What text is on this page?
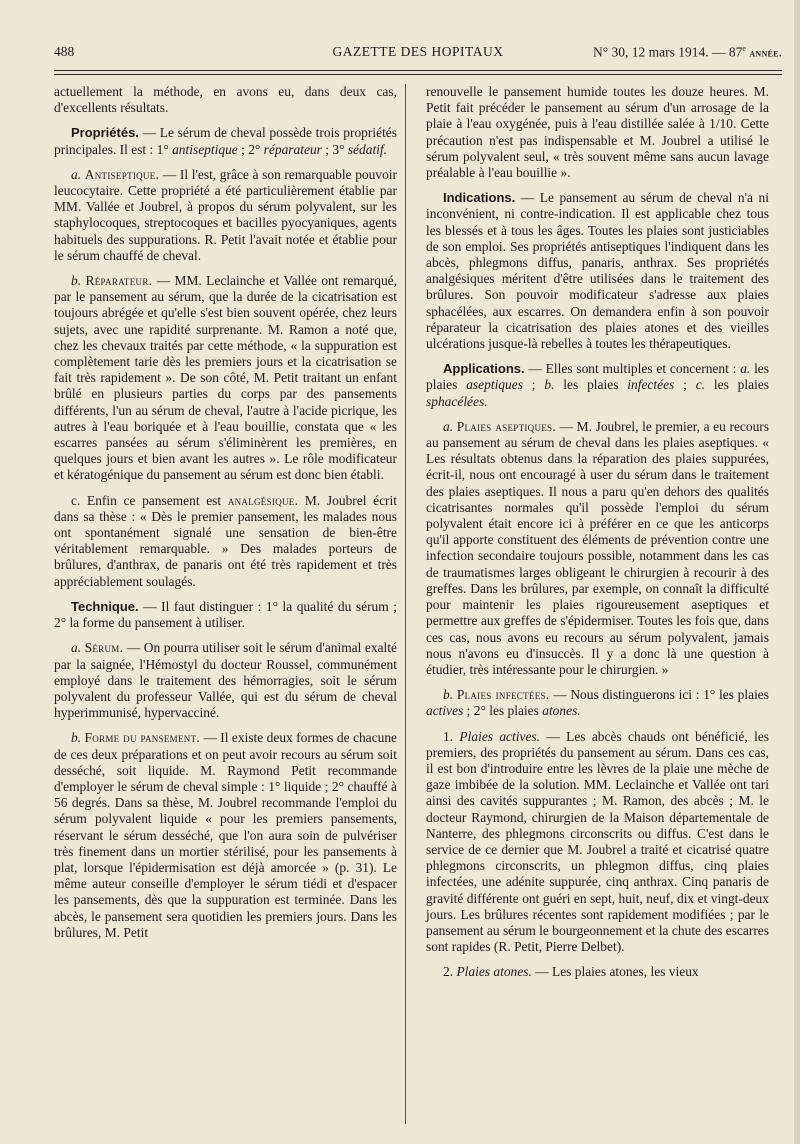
488	GAZETTE DES HOPITAUX	N° 30, 12 mars 1914. — 87e année.

actuellement la méthode, en avons eu, dans deux cas, d'excellents résultats.

Propriétés. — Le sérum de cheval possède trois propriétés principales. Il est : 1° antiseptique ; 2° réparateur ; 3° sédatif.

a. Antiseptique. — Il l'est, grâce à son remarquable pouvoir leucocytaire. Cette propriété a été particulièrement établie par MM. Vallée et Joubrel, à propos du sérum polyvalent, sur les staphylocoques, streptocoques et bacilles pyocyaniques, agents habituels des suppurations. R. Petit l'avait notée et établie pour le sérum chauffé de cheval.

b. Réparateur. — MM. Leclainche et Vallée ont remarqué, par le pansement au sérum, que la durée de la cicatrisation est toujours abrégée et qu'elle s'est bien souvent opérée, chez leurs sujets, avec une rapidité surprenante. M. Ramon a noté que, chez les chevaux traités par cette méthode, « la suppuration est complètement tarie dès les premiers jours et la cicatrisation se fait très rapidement ». De son côté, M. Petit traitant un enfant brûlé en plusieurs parties du corps par des pansements différents, l'un au sérum de cheval, l'autre à l'acide picrique, les autres à l'eau boriquée et à l'eau bouillie, constata que « les escarres pansées au sérum s'éliminèrent les premières, en quelques jours et bien avant les autres ». Le rôle modificateur et kératogénique du pansement au sérum est donc bien établi.

c. Enfin ce pansement est analgésique. M. Joubrel écrit dans sa thèse : « Dès le premier pansement, les malades nous ont spontanément signalé une sensation de bien-être véritablement remarquable. » Des malades porteurs de brûlures, d'anthrax, de panaris ont été très rapidement et très appréciablement soulagés.

Technique. — Il faut distinguer : 1° la qualité du sérum ; 2° la forme du pansement à utiliser.

a. Sérum. — On pourra utiliser soit le sérum d'animal exalté par la saignée, l'Hémostyl du docteur Roussel, communément employé dans le traitement des hémorragies, soit le sérum polyvalent du professeur Vallée, qui est du sérum de cheval hyperimmunisé, hypervacciné.

b. Forme du pansement. — Il existe deux formes de chacune de ces deux préparations et on peut avoir recours au sérum soit desséché, soit liquide. M. Raymond Petit recommande d'employer le sérum de cheval simple : 1° liquide ; 2° chauffé à 56 degrés. Dans sa thèse, M. Joubrel recommande l'emploi du sérum polyvalent liquide « pour les premiers pansements, réservant le sérum desséché, que l'on aura soin de pulvériser très finement dans un mortier stérilisé, pour les pansements à plat, lorsque l'épidermisation est déjà amorcée » (p. 31). Le même auteur conseille d'employer le sérum tiédi et d'espacer les pansements, dès que la suppuration est terminée. Dans les abcès, le pansement sera quotidien les premiers jours. Dans les brûlures, M. Petit

renouvelle le pansement humide toutes les douze heures. M. Petit fait précéder le pansement au sérum d'un arrosage de la plaie à l'eau oxygénée, puis à l'eau distillée salée à 1/10. Cette précaution n'est pas indispensable et M. Joubrel a utilisé le sérum polyvalent seul, « très souvent même sans aucun lavage préalable à l'eau bouillie ».

Indications. — Le pansement au sérum de cheval n'a ni inconvénient, ni contre-indication. Il est applicable chez tous les blessés et à tous les âges. Toutes les plaies sont justiciables de son emploi. Ses propriétés antiseptiques l'indiquent dans les abcès, phlegmons diffus, panaris, anthrax. Ses propriétés analgésiques méritent d'être utilisées dans le traitement des brûlures. Son pouvoir modificateur s'adresse aux plaies sphacélées, aux escarres. On demandera enfin à son pouvoir réparateur la cicatrisation des plaies atones et des vieilles ulcérations jusque-là rebelles à toutes les thérapeutiques.

Applications. — Elles sont multiples et concernent : a. les plaies aseptiques ; b. les plaies infectées ; c. les plaies sphacélées.

a. Plaies aseptiques. — M. Joubrel, le premier, a eu recours au pansement au sérum de cheval dans les plaies aseptiques. « Les résultats obtenus dans la réparation des plaies suppurées, écrit-il, nous ont encouragé à user du sérum dans le traitement des plaies aseptiques. Il nous a paru qu'en dehors des qualités cicatrisantes normales qu'il possède l'emploi du sérum polyvalent était encore ici à préférer en ce que les anticorps qu'il apporte constituent des éléments de prévention contre une infection secondaire toujours possible, notamment dans les cas de traumatismes larges obligeant le chirurgien à recourir à des greffes. Dans les brûlures, par exemple, on connaît la difficulté pour maintenir les plaies rigoureusement aseptiques et permettre aux greffes de s'épidermiser. Toutes les fois que, dans ces cas, nous avons eu recours au sérum polyvalent, jamais nous n'avons eu d'insuccès. Il y a donc là une question à étudier, très intéressante pour le chirurgien. »

b. Plaies infectées. — Nous distinguerons ici : 1° les plaies actives ; 2° les plaies atones.

1. Plaies actives. — Les abcès chauds ont bénéficié, les premiers, des propriétés du pansement au sérum. Dans ces cas, il est bon d'introduire entre les lèvres de la plaie une mèche de gaze imbibée de la solution. MM. Leclainche et Vallée ont tari ainsi des cavités suppurantes ; M. Ramon, des abcès ; M. le docteur Raymond, chirurgien de la Maison départementale de Nanterre, des phlegmons circonscrits ou diffus. C'est dans le service de ce dernier que M. Joubrel a traité et cicatrisé quatre phlegmons circonscrits, un phlegmon diffus, cinq plaies infectées, une adénite suppurée, cinq anthrax. Cinq panaris de gravité différente ont guéri en sept, huit, neuf, dix et vingt-deux jours. Les brûlures récentes sont rapidement modifiées ; par le pansement au sérum le bourgeonnement et la chute des escarres sont rapides (R. Petit, Pierre Delbet).

2. Plaies atones. — Les plaies atones, les vieux
